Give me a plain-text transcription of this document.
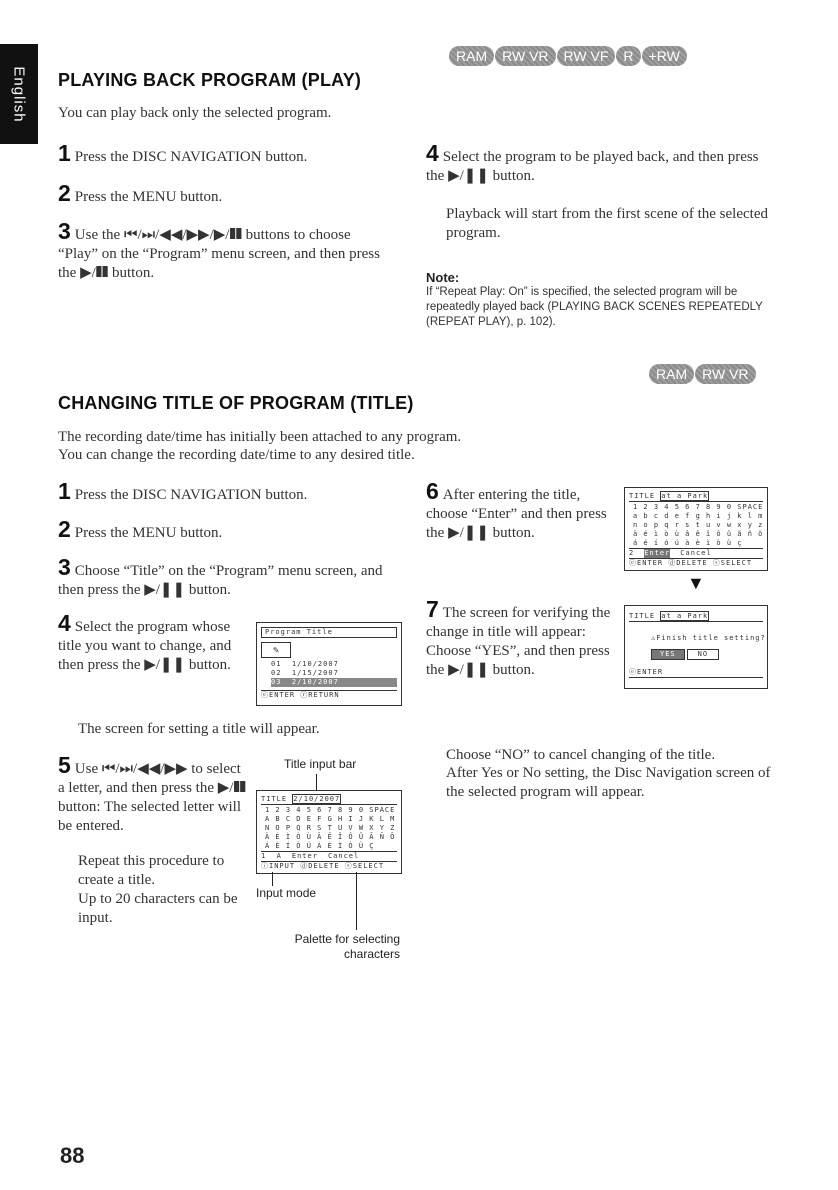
English
RAM RW VR RW VF R +RW
PLAYING BACK PROGRAM (PLAY)
You can play back only the selected program.
1 Press the DISC NAVIGATION button.
2 Press the MENU button.
3 Use the ⏮/⏭/◀◀/▶▶/▶/❚❚ buttons to choose “Play” on the “Program” menu screen, and then press the ▶/❚❚ button.
4 Select the program to be played back, and then press the ▶/❚❚ button.
Playback will start from the first scene of the selected program.
Note:
If “Repeat Play: On” is specified, the selected program will be repeatedly played back (PLAYING BACK SCENES REPEATEDLY (REPEAT PLAY), p. 102).
RAM RW VR
CHANGING TITLE OF PROGRAM (TITLE)
The recording date/time has initially been attached to any program.
You can change the recording date/time to any desired title.
1 Press the DISC NAVIGATION button.
2 Press the MENU button.
3 Choose “Title” on the “Program” menu screen, and then press the ▶/❚❚ button.
4 Select the program whose title you want to change, and then press the ▶/❚❚ button.
Program Title
✎
01  1/10/2007
02  1/15/2007
03  2/10/2007
ⓔENTER ⓡRETURN
The screen for setting a title will appear.
5 Use ⏮/⏭/◀◀/▶▶ to select a letter, and then press the ▶/❚❚ button: The selected letter will be entered.
Repeat this procedure to create a title.
Up to 20 characters can be input.
Title input bar
TITLE 2/10/2007
1 2 3 4 5 6 7 8 9 0 SPACE
A B C D E F G H I J K L M
N O P Q R S T U V W X Y Z
Ä É Ì Ò Ù Â Ê Î Ô Û Ã Ñ Õ
Á É Í Ó Ú À È Ì Ò Ù Ç
1  A Enter Cancel
ⓘINPUT ⓓDELETE ⓢSELECT
Input mode
Palette for selecting characters
6 After entering the title, choose “Enter” and then press the ▶/❚❚ button.
TITLE at a Park
1 2 3 4 5 6 7 8 9 0 SPACE
a b c d e f g h i j k l m
n o p q r s t u v w x y z
ä é ì ò ù â ê î ô û ã ñ õ
á é í ó ú à è ì ò ù ç
2 Enter Cancel
ⓔENTER ⓓDELETE ⓢSELECT
▼
7 The screen for verifying the change in title will appear: Choose “YES”, and then press the ▶/❚❚ button.
TITLE at a Park
⚠Finish title setting?
YES	NO
ⓔENTER
Choose “NO” to cancel changing of the title.
After Yes or No setting, the Disc Navigation screen of the selected program will appear.
88
